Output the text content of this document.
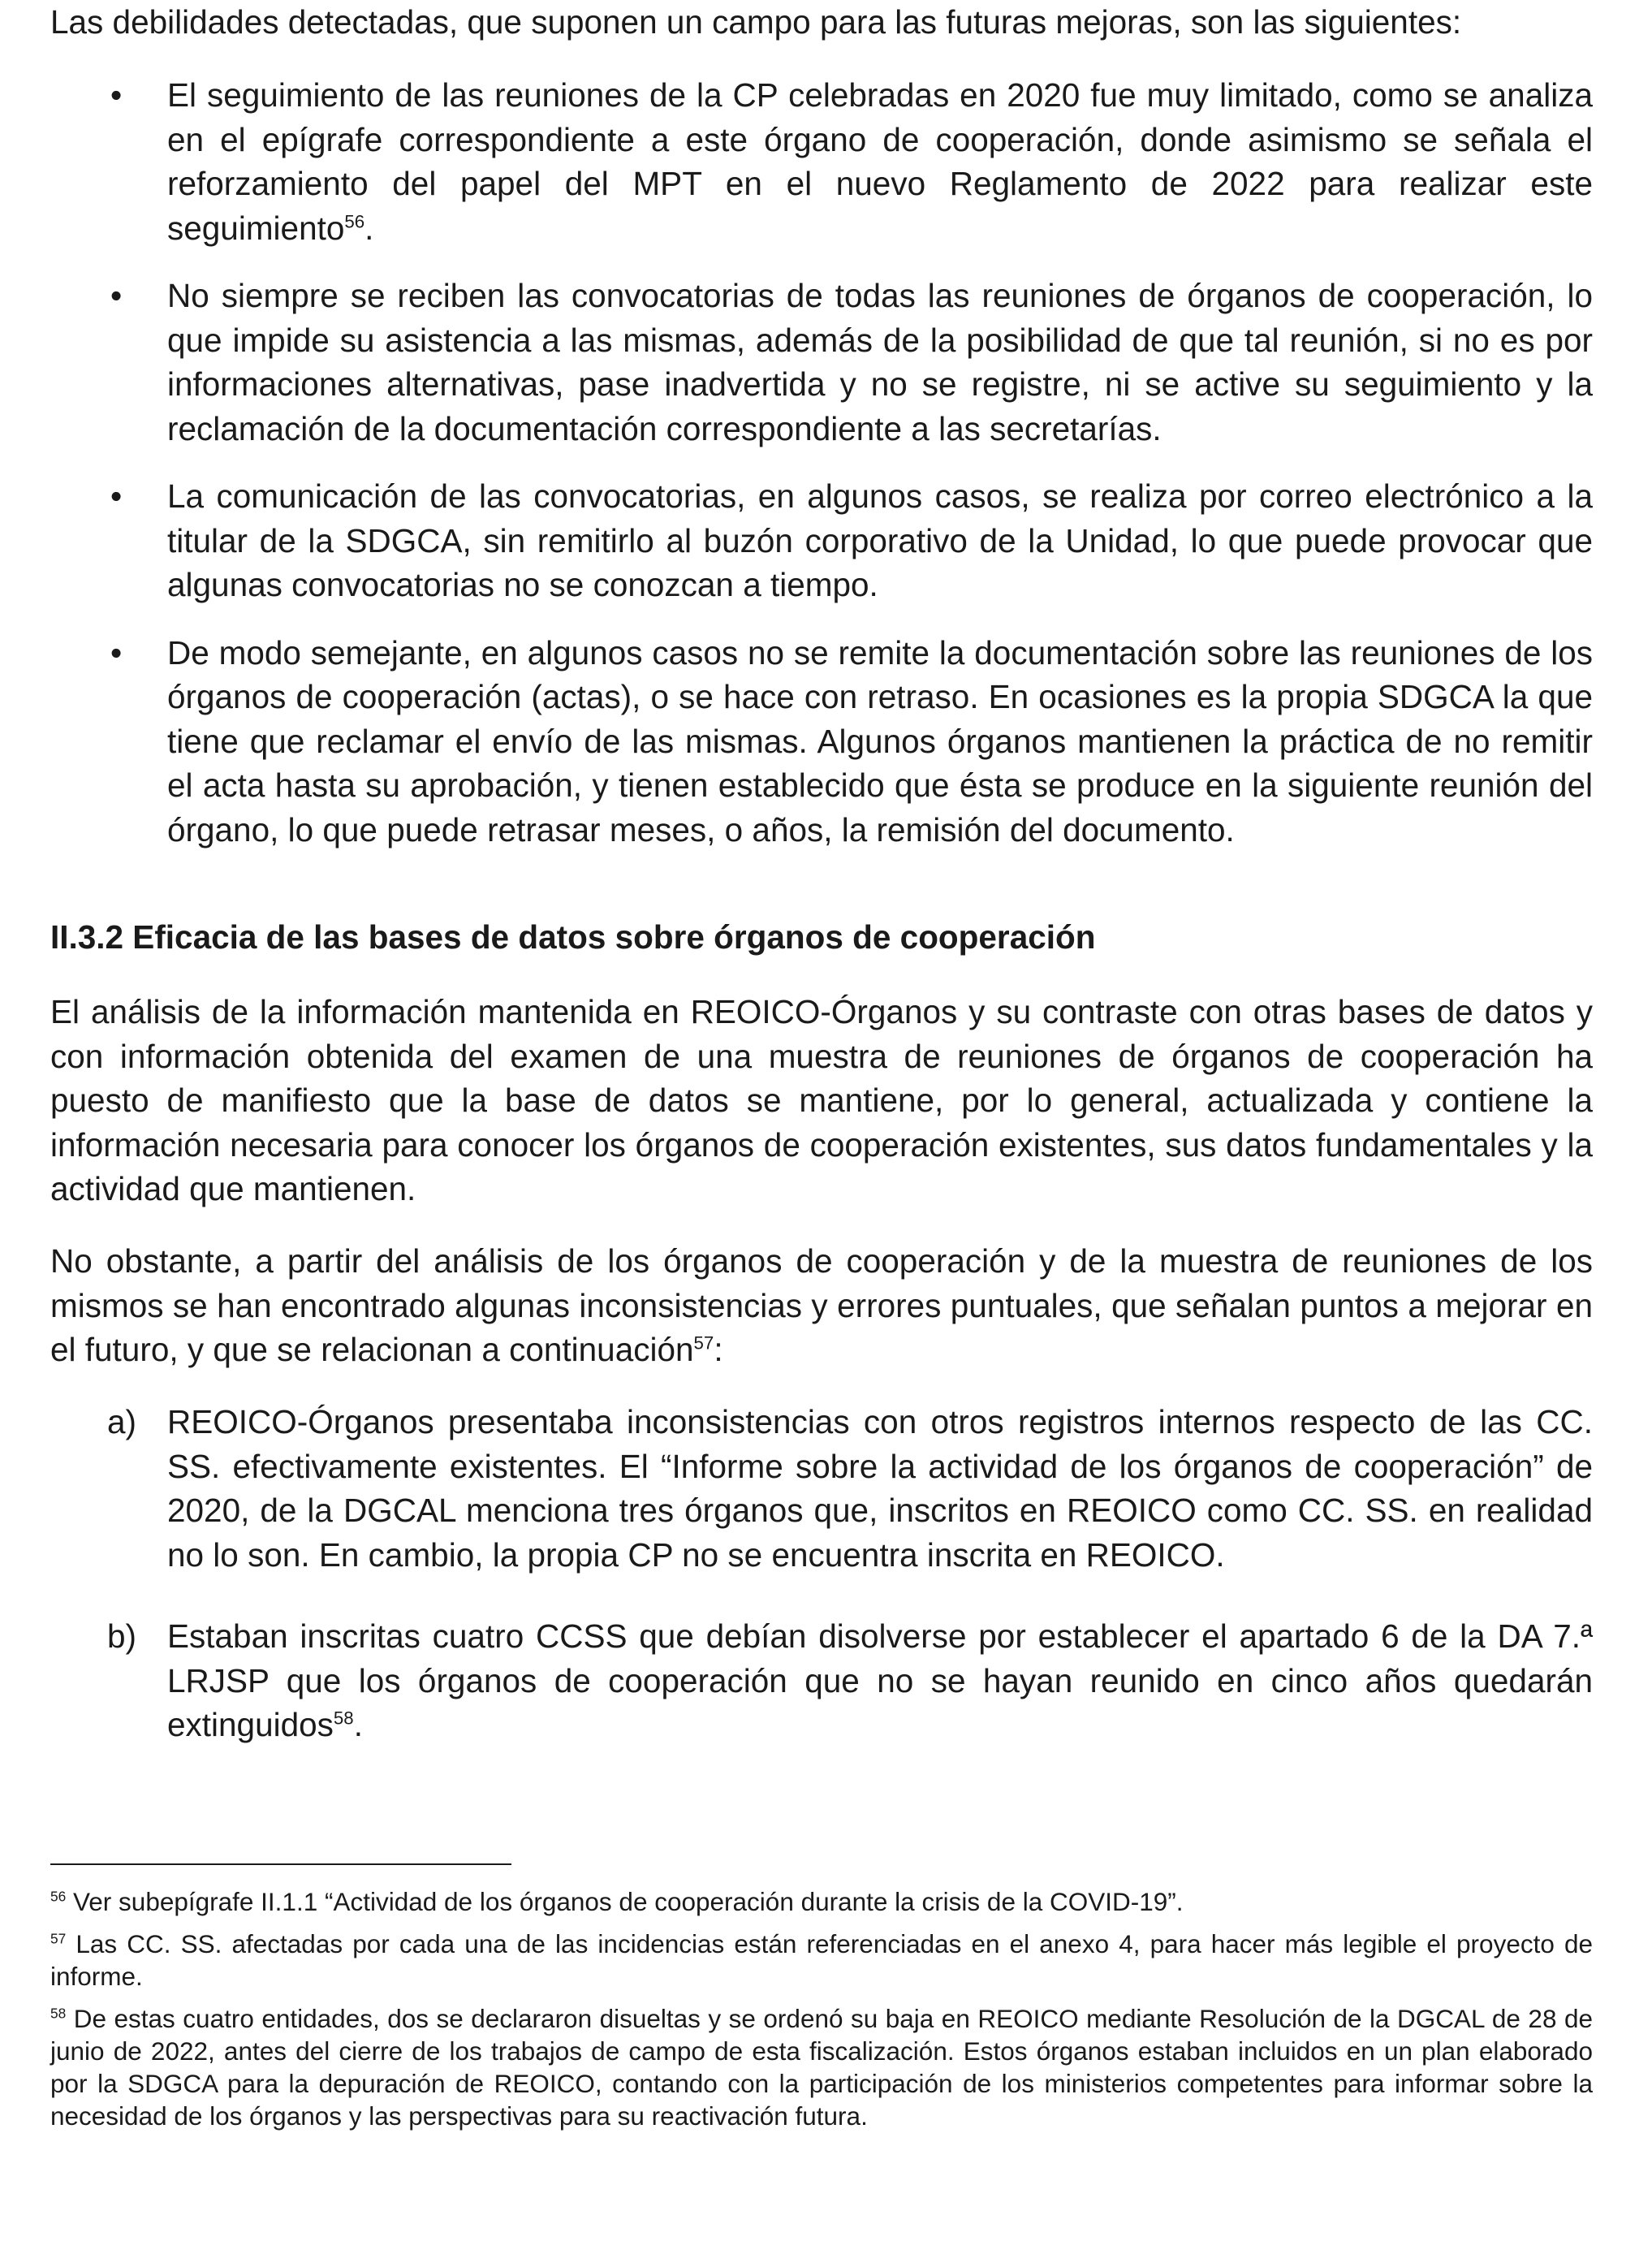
Las debilidades detectadas, que suponen un campo para las futuras mejoras, son las siguientes:

• El seguimiento de las reuniones de la CP celebradas en 2020 fue muy limitado, como se analiza en el epígrafe correspondiente a este órgano de cooperación, donde asimismo se señala el reforzamiento del papel del MPT en el nuevo Reglamento de 2022 para realizar este seguimiento$^{56}$.
• No siempre se reciben las convocatorias de todas las reuniones de órganos de cooperación, lo que impide su asistencia a las mismas, además de la posibilidad de que tal reunión, si no es por informaciones alternativas, pase inadvertida y no se registre, ni se active su seguimiento y la reclamación de la documentación correspondiente a las secretarías.
• La comunicación de las convocatorias, en algunos casos, se realiza por correo electrónico a la titular de la SDGCA, sin remitirlo al buzón corporativo de la Unidad, lo que puede provocar que algunas convocatorias no se conozcan a tiempo.
• De modo semejante, en algunos casos no se remite la documentación sobre las reuniones de los órganos de cooperación (actas), o se hace con retraso. En ocasiones es la propia SDGCA la que tiene que reclamar el envío de las mismas. Algunos órganos mantienen la práctica de no remitir el acta hasta su aprobación, y tienen establecido que ésta se produce en la siguiente reunión del órgano, lo que puede retrasar meses, o años, la remisión del documento.
II.3.2 Eficacia de las bases de datos sobre órganos de cooperación

El análisis de la información mantenida en REOICO-Órganos y su contraste con otras bases de datos y con información obtenida del examen de una muestra de reuniones de órganos de cooperación ha puesto de manifiesto que la base de datos se mantiene, por lo general, actualizada y contiene la información necesaria para conocer los órganos de cooperación existentes, sus datos fundamentales y la actividad que mantienen.

No obstante, a partir del análisis de los órganos de cooperación y de la muestra de reuniones de los mismos se han encontrado algunas inconsistencias y errores puntuales, que señalan puntos a mejorar en el futuro, y que se relacionan a continuación$^{57}$:

a) REOICO-Órganos presentaba inconsistencias con otros registros internos respecto de las CC. SS. efectivamente existentes. El “Informe sobre la actividad de los órganos de cooperación” de 2020, de la DGCAL menciona tres órganos que, inscritos en REOICO como CC. SS. en realidad no lo son. En cambio, la propia CP no se encuentra inscrita en REOICO.
b) Estaban inscritas cuatro CCSS que debían disolverse por establecer el apartado 6 de la DA 7.ª LRJSP que los órganos de cooperación que no se hayan reunido en cinco años quedarán extinguidos$^{58}$.

$^{56}$ Ver subepígrafe II.1.1 “Actividad de los órganos de cooperación durante la crisis de la COVID-19”.

$^{57}$ Las CC. SS. afectadas por cada una de las incidencias están referenciadas en el anexo 4, para hacer más legible el proyecto de informe.

$^{58}$ De estas cuatro entidades, dos se declararon disueltas y se ordenó su baja en REOICO mediante Resolución de la DGCAL de 28 de junio de 2022, antes del cierre de los trabajos de campo de esta fiscalización. Estos órganos estaban incluidos en un plan elaborado por la SDGCA para la depuración de REOICO, contando con la participación de los ministerios competentes para informar sobre la necesidad de los órganos y las perspectivas para su reactivación futura.
